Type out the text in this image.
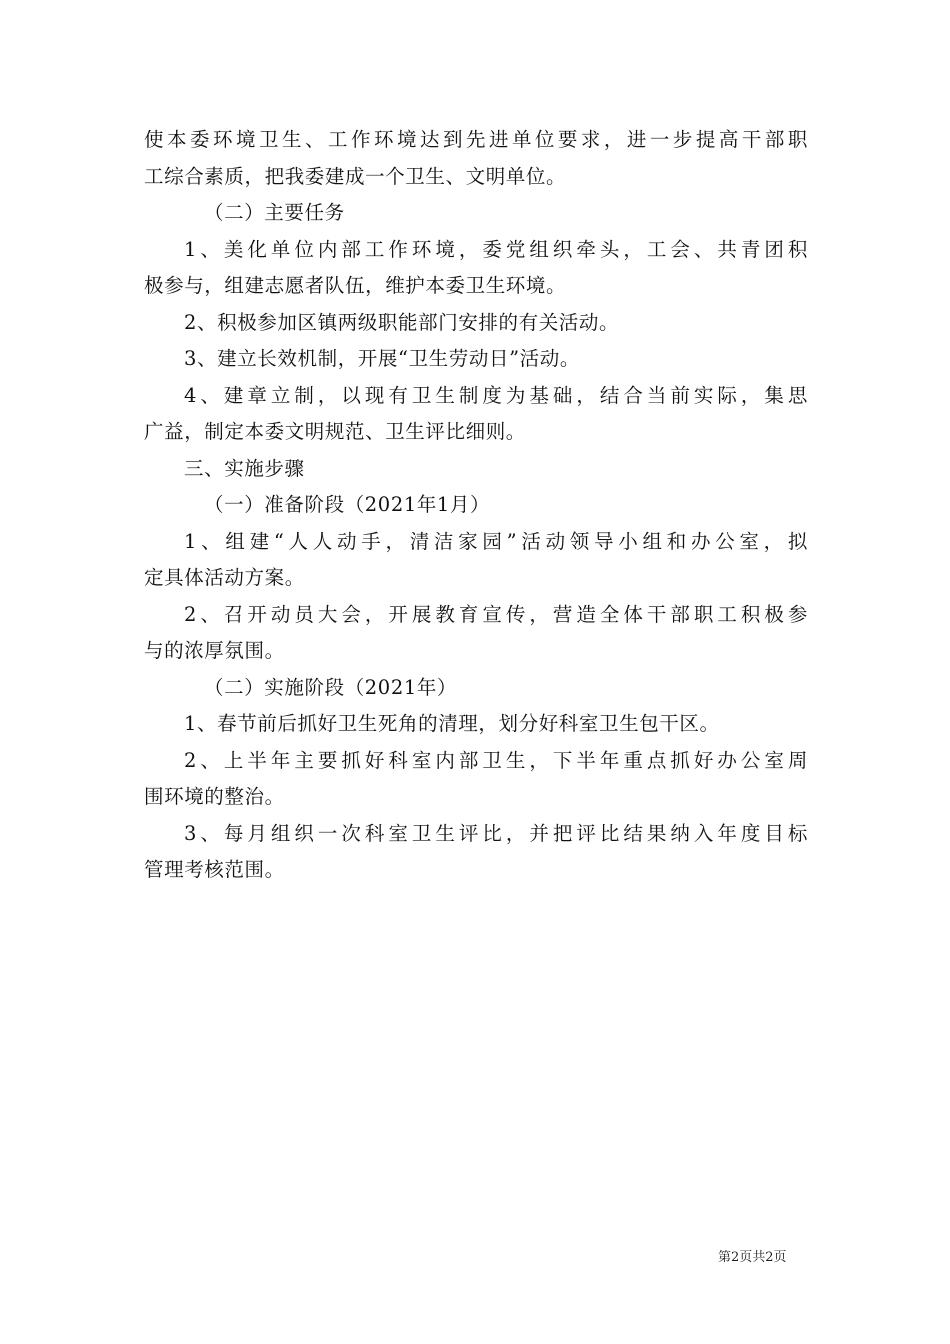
使本委环境卫生、工作环境达到先进单位要求，进一步提高干部职
工综合素质，把我委建成一个卫生、文明单位。
（二）主要任务
1、美化单位内部工作环境，委党组织牵头，工会、共青团积
极参与，组建志愿者队伍，维护本委卫生环境。
2、积极参加区镇两级职能部门安排的有关活动。
3、建立长效机制，开展“卫生劳动日”活动。
4、建章立制，以现有卫生制度为基础，结合当前实际，集思
广益，制定本委文明规范、卫生评比细则。
三、实施步骤
（一）准备阶段（2021年1月）
1、组建“人人动手，清洁家园”活动领导小组和办公室，拟
定具体活动方案。
2、召开动员大会，开展教育宣传，营造全体干部职工积极参
与的浓厚氛围。
（二）实施阶段（2021年）
1、春节前后抓好卫生死角的清理，划分好科室卫生包干区。
2、上半年主要抓好科室内部卫生，下半年重点抓好办公室周
围环境的整治。
3、每月组织一次科室卫生评比，并把评比结果纳入年度目标
管理考核范围。
第2页共2页
